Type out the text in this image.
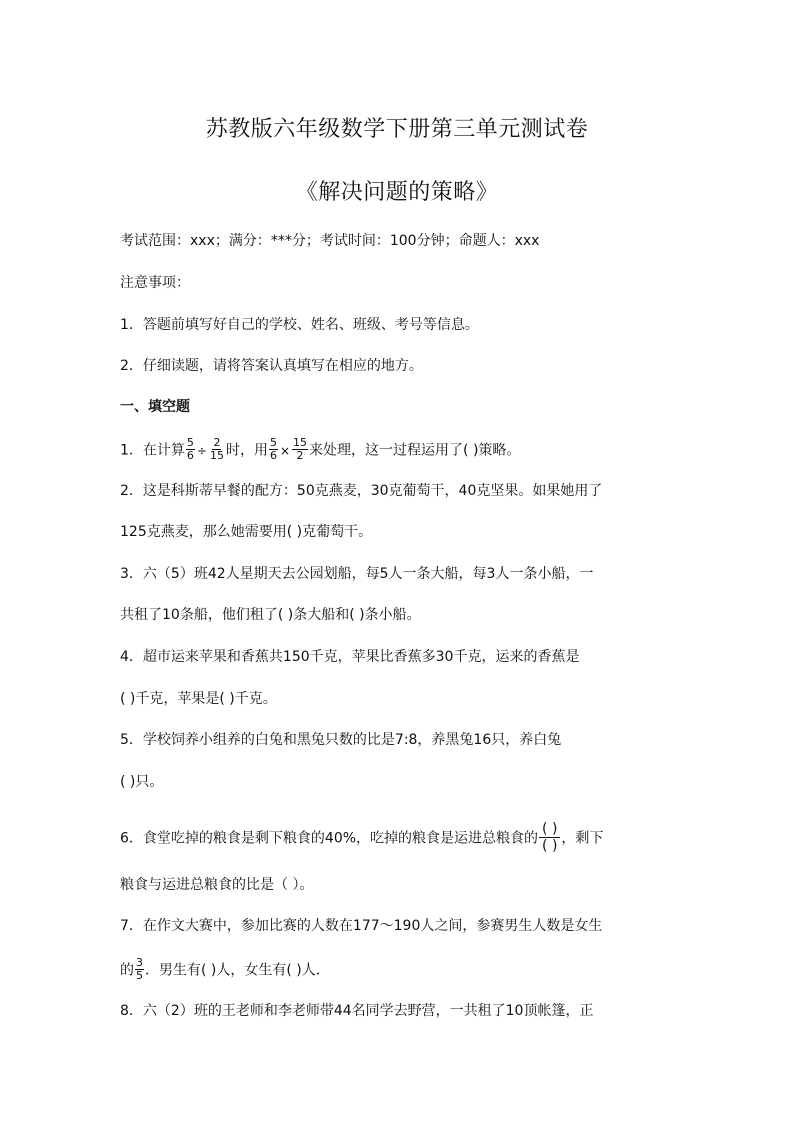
苏教版六年级数学下册第三单元测试卷
《解决问题的策略》
考试范围：xxx；满分：***分；考试时间：100分钟；命题人：xxx
注意事项：
1．答题前填写好自己的学校、姓名、班级、考号等信息。
2．仔细读题，请将答案认真填写在相应的地方。
一、填空题
1．在计算 $\frac{5}{6} \div \frac{2}{15}$ 时，用 $\frac{5}{6} \times \frac{15}{2}$ 来处理，这一过程运用了( )策略。
2．这是科斯蒂早餐的配方：50克燕麦，30克葡萄干，40克坚果。如果她用了
125克燕麦，那么她需要用( )克葡萄干。
3．六（5）班42人星期天去公园划船，每5人一条大船，每3人一条小船，一
共租了10条船，他们租了( )条大船和( )条小船。
4．超市运来苹果和香蕉共150千克，苹果比香蕉多30千克，运来的香蕉是
( )千克，苹果是( )千克。
5．学校饲养小组养的白兔和黑兔只数的比是7:8，养黑兔16只，养白兔
( )只。
6．食堂吃掉的粮食是剩下粮食的40%，吃掉的粮食是运进总粮食的 $\frac{( )}{( )}$ ，剩下
粮食与运进总粮食的比是（ ）。
7．在作文大赛中，参加比赛的人数在177～190人之间，参赛男生人数是女生
的 $\frac{3}{5}$ ．男生有( )人，女生有( )人．
8．六（2）班的王老师和李老师带44名同学去野营，一共租了10顶帐篷，正
